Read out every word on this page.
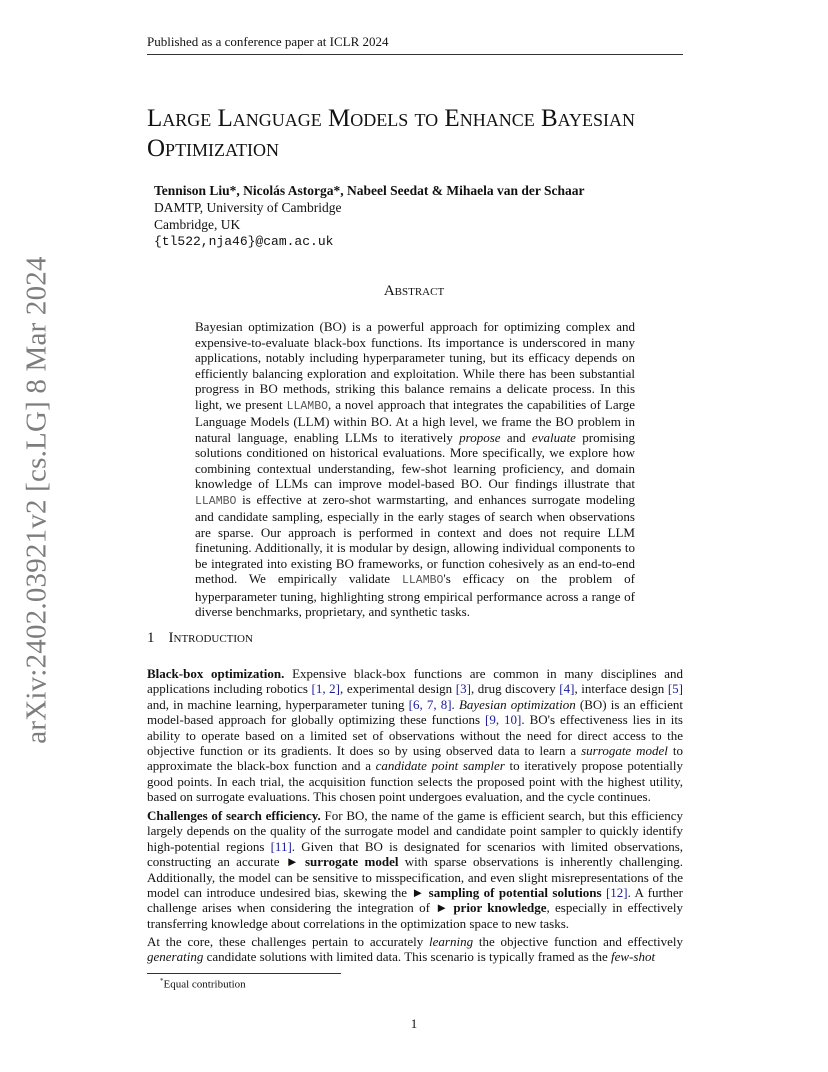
Published as a conference paper at ICLR 2024
arXiv:2402.03921v2 [cs.LG] 8 Mar 2024
Large Language Models to Enhance Bayesian
Optimization
Tennison Liu*, Nicolás Astorga*, Nabeel Seedat & Mihaela van der Schaar
DAMTP, University of Cambridge
Cambridge, UK
{tl522,nja46}@cam.ac.uk
Abstract
Bayesian optimization (BO) is a powerful approach for optimizing complex and expensive-to-evaluate black-box functions. Its importance is underscored in many applications, notably including hyperparameter tuning, but its efficacy depends on efficiently balancing exploration and exploitation. While there has been substantial progress in BO methods, striking this balance remains a delicate process. In this light, we present LLAMBO, a novel approach that integrates the capabilities of Large Language Models (LLM) within BO. At a high level, we frame the BO problem in natural language, enabling LLMs to iteratively propose and evaluate promising solutions conditioned on historical evaluations. More specifically, we explore how combining contextual understanding, few-shot learning proficiency, and domain knowledge of LLMs can improve model-based BO. Our findings illustrate that LLAMBO is effective at zero-shot warmstarting, and enhances surrogate modeling and candidate sampling, especially in the early stages of search when observations are sparse. Our approach is performed in context and does not require LLM finetuning. Additionally, it is modular by design, allowing individual components to be integrated into existing BO frameworks, or function cohesively as an end-to-end method. We empirically validate LLAMBO's efficacy on the problem of hyperparameter tuning, highlighting strong empirical performance across a range of diverse benchmarks, proprietary, and synthetic tasks.
1 Introduction
Black-box optimization. Expensive black-box functions are common in many disciplines and applications including robotics [1, 2], experimental design [3], drug discovery [4], interface design [5] and, in machine learning, hyperparameter tuning [6, 7, 8]. Bayesian optimization (BO) is an efficient model-based approach for globally optimizing these functions [9, 10]. BO's effectiveness lies in its ability to operate based on a limited set of observations without the need for direct access to the objective function or its gradients. It does so by using observed data to learn a surrogate model to approximate the black-box function and a candidate point sampler to iteratively propose potentially good points. In each trial, the acquisition function selects the proposed point with the highest utility, based on surrogate evaluations. This chosen point undergoes evaluation, and the cycle continues.
Challenges of search efficiency. For BO, the name of the game is efficient search, but this efficiency largely depends on the quality of the surrogate model and candidate point sampler to quickly identify high-potential regions [11]. Given that BO is designated for scenarios with limited observations, constructing an accurate ► surrogate model with sparse observations is inherently challenging. Additionally, the model can be sensitive to misspecification, and even slight misrepresentations of the model can introduce undesired bias, skewing the ► sampling of potential solutions [12]. A further challenge arises when considering the integration of ► prior knowledge, especially in effectively transferring knowledge about correlations in the optimization space to new tasks.
At the core, these challenges pertain to accurately learning the objective function and effectively generating candidate solutions with limited data. This scenario is typically framed as the few-shot
*Equal contribution
1
